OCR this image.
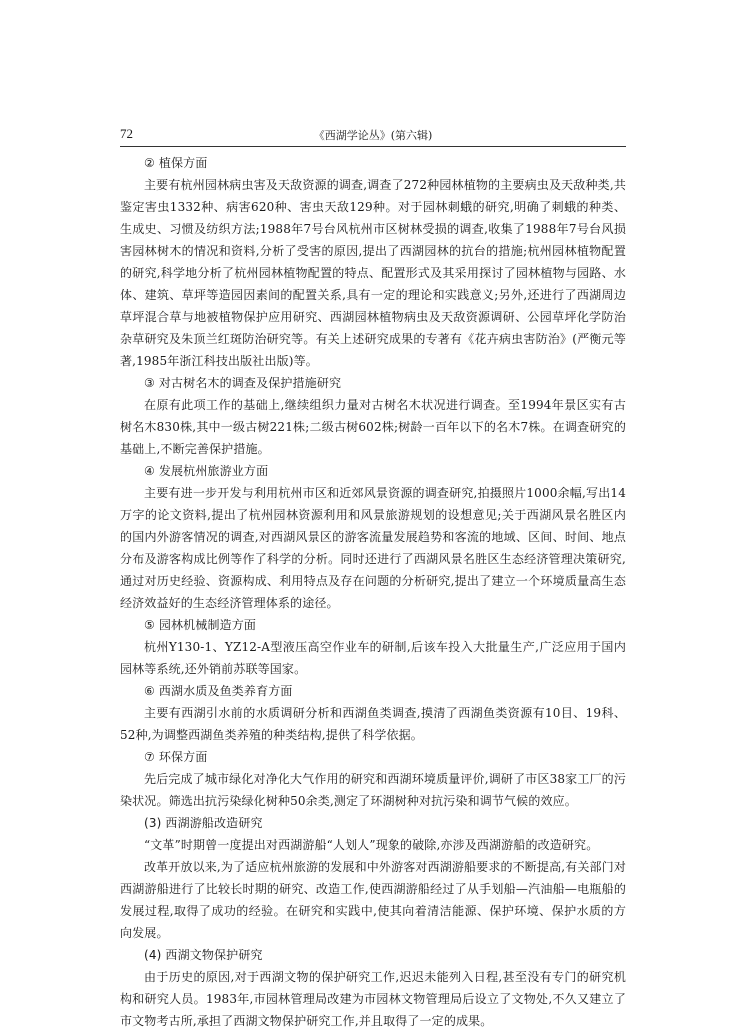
72	《西湖学论丛》(第六辑)

② 植保方面

主要有杭州园林病虫害及天敌资源的调查,调查了272种园林植物的主要病虫及天敌种类,共鉴定害虫1332种、病害620种、害虫天敌129种。对于园林刺蛾的研究,明确了刺蛾的种类、生成史、习惯及纺织方法;1988年7号台风杭州市区树林受损的调查,收集了1988年7号台风损害园林树木的情况和资料,分析了受害的原因,提出了西湖园林的抗台的措施;杭州园林植物配置的研究,科学地分析了杭州园林植物配置的特点、配置形式及其采用探讨了园林植物与园路、水体、建筑、草坪等造园因素间的配置关系,具有一定的理论和实践意义;另外,还进行了西湖周边草坪混合草与地被植物保护应用研究、西湖园林植物病虫及天敌资源调研、公园草坪化学防治杂草研究及朱顶兰红斑防治研究等。有关上述研究成果的专著有《花卉病虫害防治》(严衡元等著,1985年浙江科技出版社出版)等。

③ 对古树名木的调查及保护措施研究

在原有此项工作的基础上,继续组织力量对古树名木状况进行调查。至1994年景区实有古树名木830株,其中一级古树221株;二级古树602株;树龄一百年以下的名木7株。在调查研究的基础上,不断完善保护措施。

④ 发展杭州旅游业方面

主要有进一步开发与利用杭州市区和近郊风景资源的调查研究,拍摄照片1000余幅,写出14万字的论文资料,提出了杭州园林资源利用和风景旅游规划的设想意见;关于西湖风景名胜区内的国内外游客情况的调查,对西湖风景区的游客流量发展趋势和客流的地域、区间、时间、地点分布及游客构成比例等作了科学的分析。同时还进行了西湖风景名胜区生态经济管理决策研究,通过对历史经验、资源构成、利用特点及存在问题的分析研究,提出了建立一个环境质量高生态经济效益好的生态经济管理体系的途径。

⑤ 园林机械制造方面

杭州Y130-1、YZ12-A型液压高空作业车的研制,后该车投入大批量生产,广泛应用于国内园林等系统,还外销前苏联等国家。

⑥ 西湖水质及鱼类养育方面

主要有西湖引水前的水质调研分析和西湖鱼类调查,摸清了西湖鱼类资源有10目、19科、52种,为调整西湖鱼类养殖的种类结构,提供了科学依据。

⑦ 环保方面

先后完成了城市绿化对净化大气作用的研究和西湖环境质量评价,调研了市区38家工厂的污染状况。筛选出抗污染绿化树种50余类,测定了环湖树种对抗污染和调节气候的效应。

(3) 西湖游船改造研究

“文革”时期曾一度提出对西湖游船“人划人”现象的破除,亦涉及西湖游船的改造研究。

改革开放以来,为了适应杭州旅游的发展和中外游客对西湖游船要求的不断提高,有关部门对西湖游船进行了比较长时期的研究、改造工作,使西湖游船经过了从手划船—汽油船—电瓶船的发展过程,取得了成功的经验。在研究和实践中,使其向着清洁能源、保护环境、保护水质的方向发展。

(4) 西湖文物保护研究

由于历史的原因,对于西湖文物的保护研究工作,迟迟未能列入日程,甚至没有专门的研究机构和研究人员。1983年,市园林管理局改建为市园林文物管理局后设立了文物处,不久又建立了市文物考古所,承担了西湖文物保护研究工作,并且取得了一定的成果。
